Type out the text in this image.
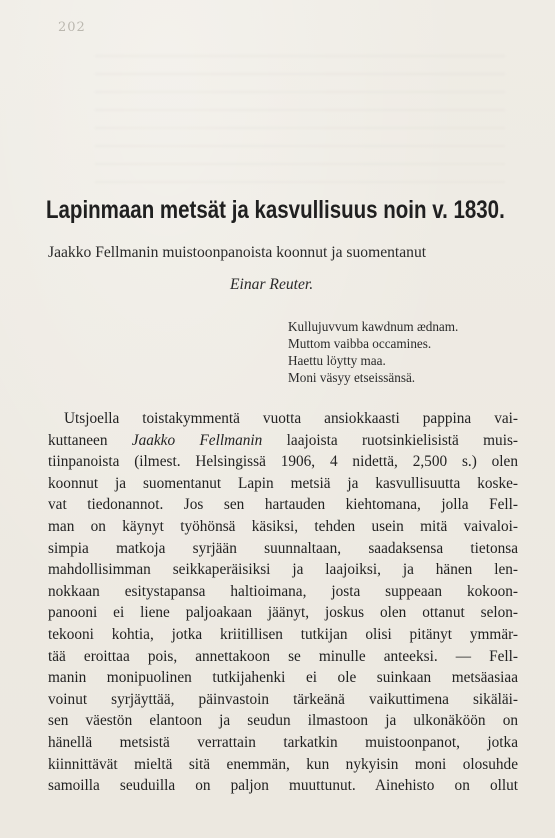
202
Lapinmaan metsät ja kasvullisuus noin v. 1830.

Jaakko Fellmanin muistoonpanoista koonnut ja suomentanut

Einar Reuter.

Kullujuvvum kawdnum ædnam.
Muttom vaibba occamines.
Haettu löytty maa.
Moni väsyy etseissänsä.
Utsjoella toistakymmentä vuotta ansiokkaasti pappina vai-
kuttaneen Jaakko Fellmanin laajoista ruotsinkielisistä muis-
tiinpanoista (ilmest. Helsingissä 1906, 4 nidettä, 2,500 s.) olen
koonnut ja suomentanut Lapin metsiä ja kasvullisuutta koske-
vat tiedonannot. Jos sen hartauden kiehtomana, jolla Fell-
man on käynyt työhönsä käsiksi, tehden usein mitä vaivaloi-
simpia matkoja syrjään suunnaltaan, saadaksensa tietonsa
mahdollisimman seikkaperäisiksi ja laajoiksi, ja hänen len-
nokkaan esitystapansa haltioimana, josta suppeaan kokoon-
panooni ei liene paljoakaan jäänyt, joskus olen ottanut selon-
tekooni kohtia, jotka kriitillisen tutkijan olisi pitänyt ymmär-
tää eroittaa pois, annettakoon se minulle anteeksi. — Fell-
manin monipuolinen tutkijahenki ei ole suinkaan metsäasiaa
voinut syrjäyttää, päinvastoin tärkeänä vaikuttimena sikäläi-
sen väestön elantoon ja seudun ilmastoon ja ulkonäköön on
hänellä metsistä verrattain tarkatkin muistoonpanot, jotka
kiinnittävät mieltä sitä enemmän, kun nykyisin moni olosuhde
samoilla seuduilla on paljon muuttunut. Ainehisto on ollut
